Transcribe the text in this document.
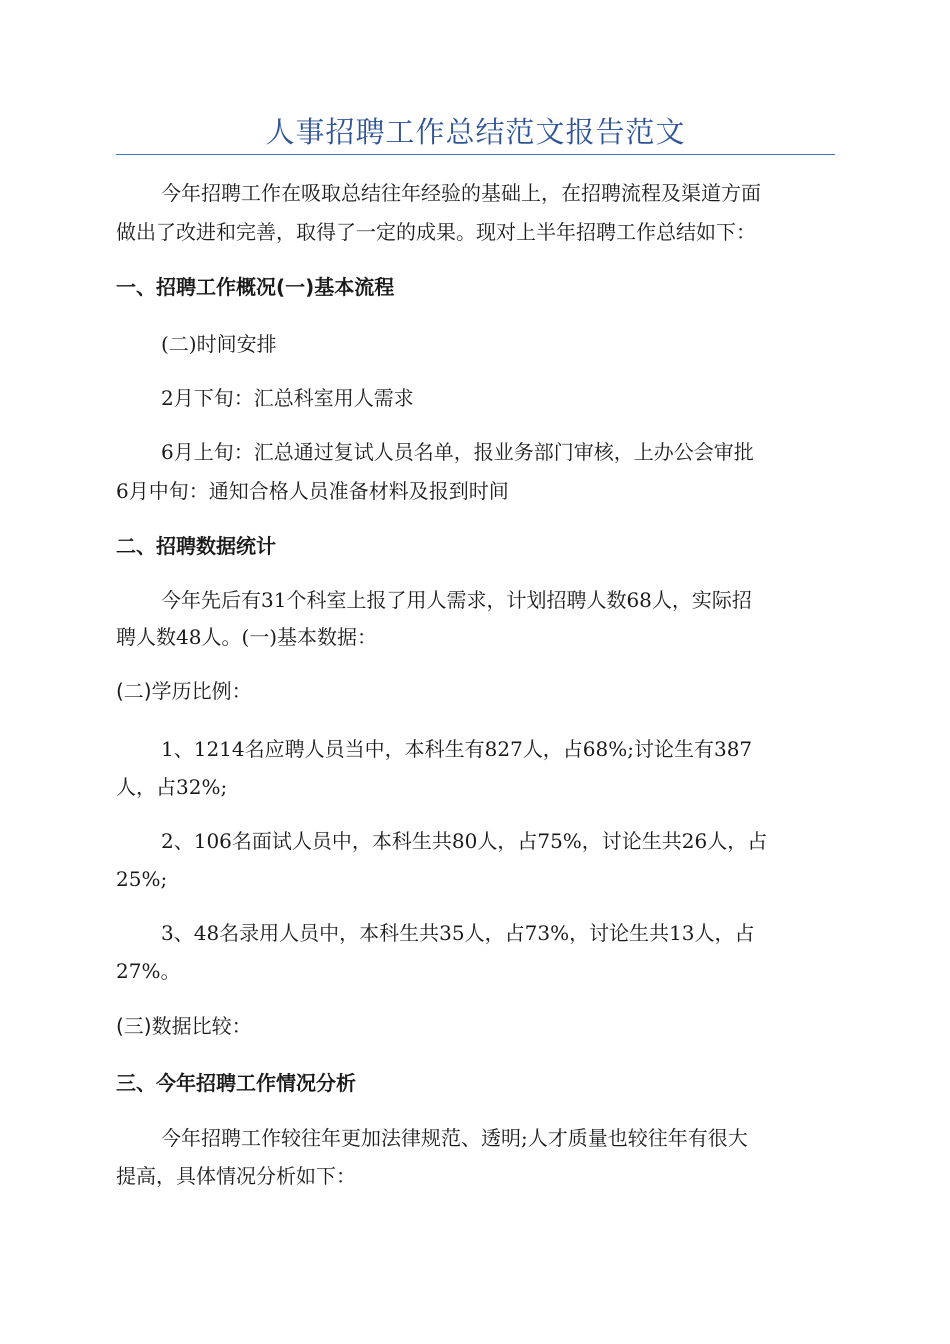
人事招聘工作总结范文报告范文
今年招聘工作在吸取总结往年经验的基础上，在招聘流程及渠道方面
做出了改进和完善，取得了一定的成果。现对上半年招聘工作总结如下：
一、招聘工作概况(一)基本流程
(二)时间安排
2月下旬：汇总科室用人需求
6月上旬：汇总通过复试人员名单，报业务部门审核，上办公会审批
6月中旬：通知合格人员准备材料及报到时间
二、招聘数据统计
今年先后有31个科室上报了用人需求，计划招聘人数68人，实际招
聘人数48人。(一)基本数据：
(二)学历比例：
1、1214名应聘人员当中，本科生有827人，占68%;讨论生有387
人，占32%;
2、106名面试人员中，本科生共80人，占75%，讨论生共26人，占
25%;
3、48名录用人员中，本科生共35人，占73%，讨论生共13人，占
27%。
(三)数据比较：
三、今年招聘工作情况分析
今年招聘工作较往年更加法律规范、透明;人才质量也较往年有很大
提高，具体情况分析如下：
